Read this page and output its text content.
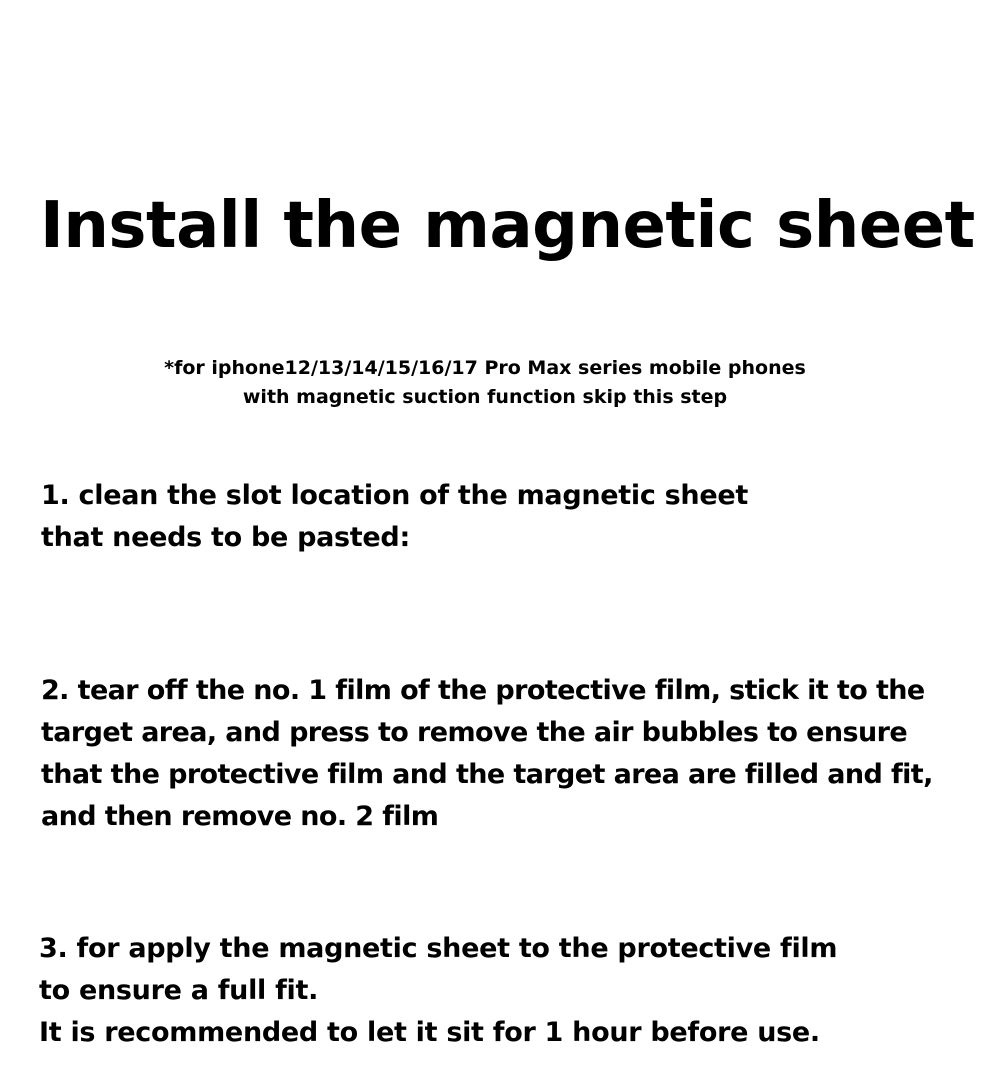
Install the magnetic sheet

*for iphone12/13/14/15/16/17 Pro Max series mobile phones
with magnetic suction function skip this step

1. clean the slot location of the magnetic sheet
that needs to be pasted:
2. tear off the no. 1 film of the protective film, stick it to the
target area, and press to remove the air bubbles to ensure
that the protective film and the target area are filled and fit,
and then remove no. 2 film
3. for apply the magnetic sheet to the protective film
to ensure a full fit.
It is recommended to let it sit for 1 hour before use.
